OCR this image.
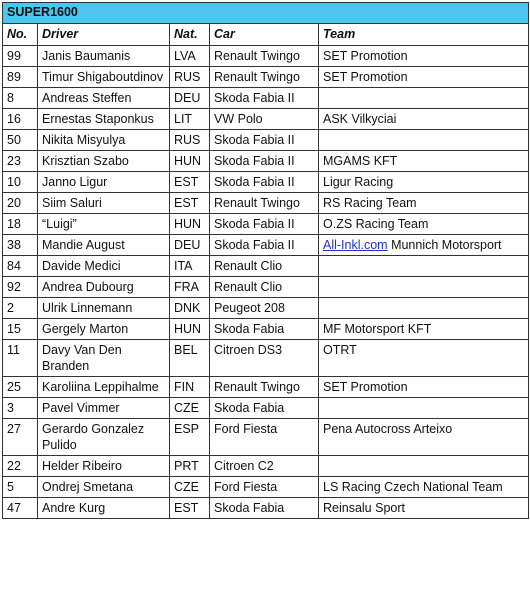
SUPER1600				
No.	Driver	Nat.	Car	Team
99	Janis Baumanis	LVA	Renault Twingo	SET Promotion
89	Timur Shigaboutdinov	RUS	Renault Twingo	SET Promotion
8	Andreas Steffen	DEU	Skoda Fabia II	
16	Ernestas Staponkus	LIT	VW Polo	ASK Vilkyciai
50	Nikita Misyulya	RUS	Skoda Fabia II	
23	Krisztian Szabo	HUN	Skoda Fabia II	MGAMS KFT
10	Janno Ligur	EST	Skoda Fabia II	Ligur Racing
20	Siim Saluri	EST	Renault Twingo	RS Racing Team
18	“Luigi”	HUN	Skoda Fabia II	O.ZS Racing Team
38	Mandie August	DEU	Skoda Fabia II	All-Inkl.com Munnich Motorsport
84	Davide Medici	ITA	Renault Clio	
92	Andrea Dubourg	FRA	Renault Clio	
2	Ulrik Linnemann	DNK	Peugeot 208	
15	Gergely Marton	HUN	Skoda Fabia	MF Motorsport KFT
11	Davy Van Den Branden	BEL	Citroen DS3	OTRT
25	Karoliina Leppihalme	FIN	Renault Twingo	SET Promotion
3	Pavel Vimmer	CZE	Skoda Fabia	
27	Gerardo Gonzalez Pulido	ESP	Ford Fiesta	Pena Autocross Arteixo
22	Helder Ribeiro	PRT	Citroen C2	
5	Ondrej Smetana	CZE	Ford Fiesta	LS Racing Czech National Team
47	Andre Kurg	EST	Skoda Fabia	Reinsalu Sport
